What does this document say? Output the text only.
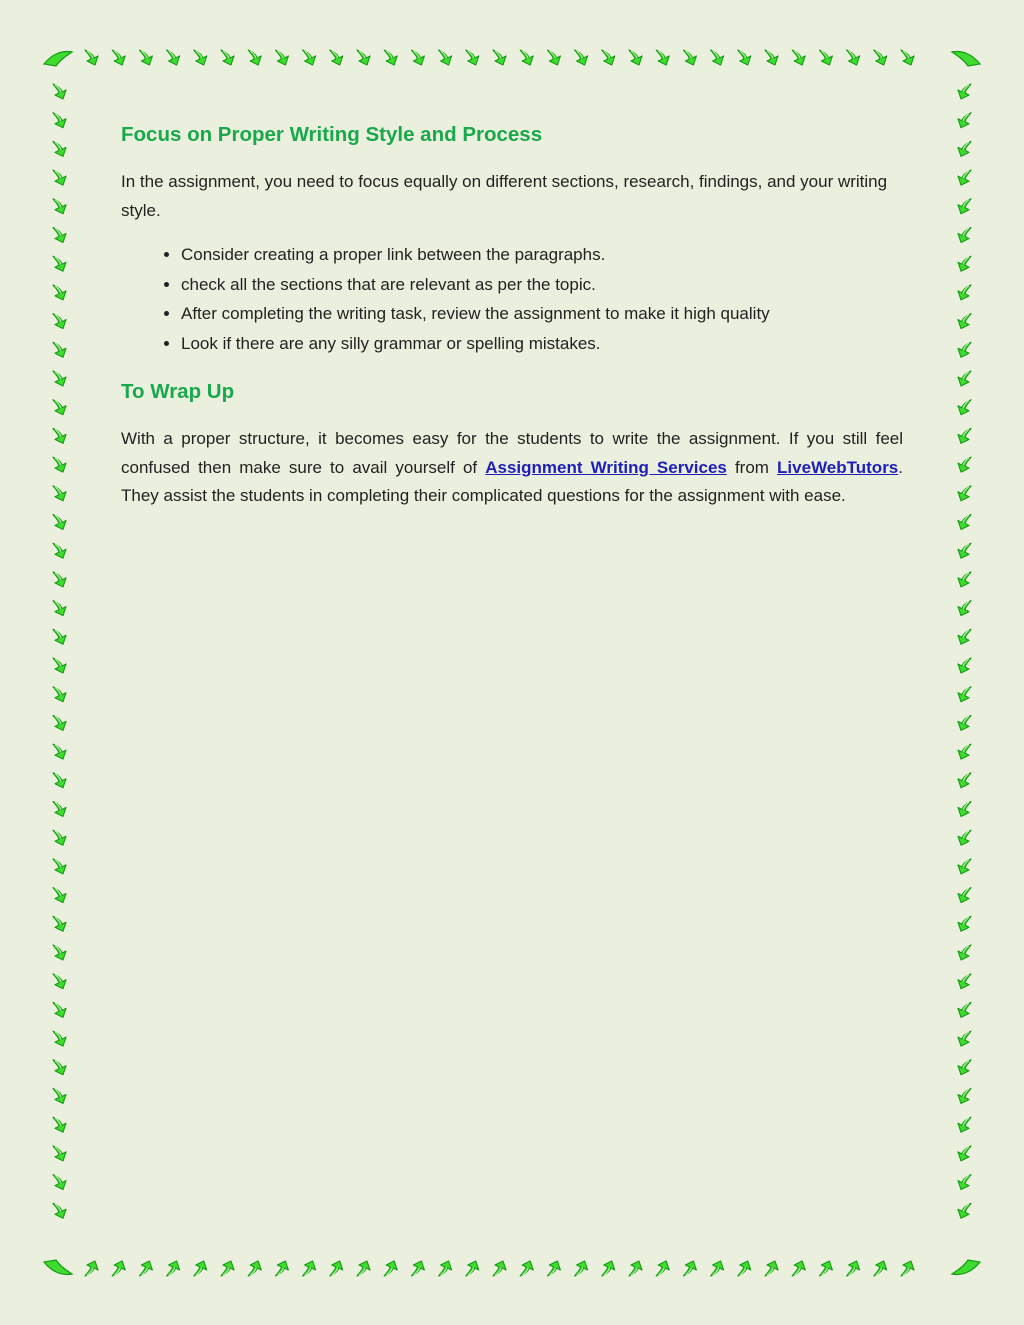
Focus on Proper Writing Style and Process

In the assignment, you need to focus equally on different sections, research, findings, and your writing style.

• Consider creating a proper link between the paragraphs.
• check all the sections that are relevant as per the topic.
• After completing the writing task, review the assignment to make it high quality
• Look if there are any silly grammar or spelling mistakes.
To Wrap Up

With a proper structure, it becomes easy for the students to write the assignment. If you still feel confused then make sure to avail yourself of Assignment Writing Services from LiveWebTutors. They assist the students in completing their complicated questions for the assignment with ease.
